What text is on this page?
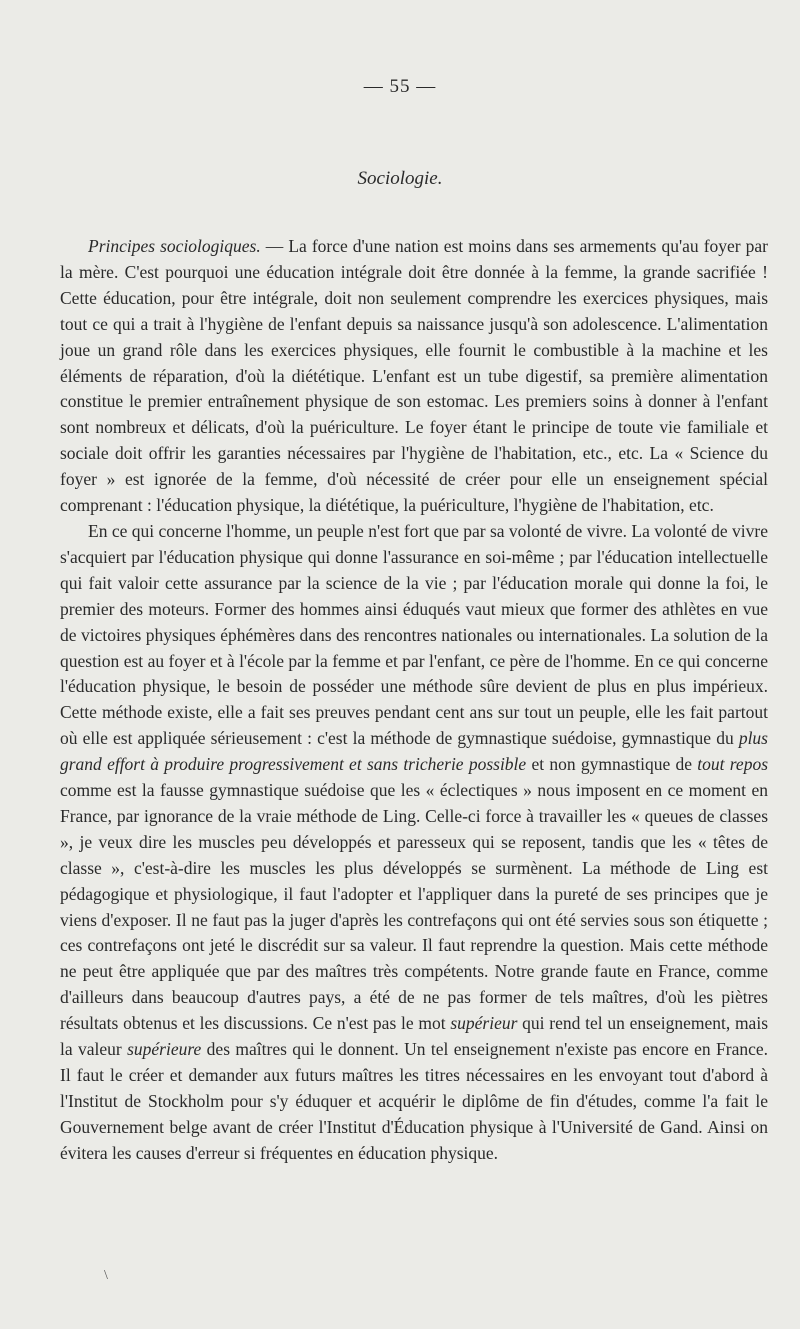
— 55 —
Sociologie.

Principes sociologiques. — La force d'une nation est moins dans ses armements qu'au foyer par la mère. C'est pourquoi une éducation intégrale doit être donnée à la femme, la grande sacrifiée ! Cette éducation, pour être intégrale, doit non seulement comprendre les exercices physiques, mais tout ce qui a trait à l'hygiène de l'enfant depuis sa naissance jusqu'à son adolescence. L'alimentation joue un grand rôle dans les exercices physiques, elle fournit le combustible à la machine et les éléments de réparation, d'où la diététique. L'enfant est un tube digestif, sa première alimentation constitue le premier entraînement physique de son estomac. Les premiers soins à donner à l'enfant sont nombreux et délicats, d'où la puériculture. Le foyer étant le principe de toute vie familiale et sociale doit offrir les garanties nécessaires par l'hygiène de l'habitation, etc., etc. La « Science du foyer » est ignorée de la femme, d'où nécessité de créer pour elle un enseignement spécial comprenant : l'éducation physique, la diététique, la puériculture, l'hygiène de l'habitation, etc.

En ce qui concerne l'homme, un peuple n'est fort que par sa volonté de vivre. La volonté de vivre s'acquiert par l'éducation physique qui donne l'assurance en soi-même ; par l'éducation intellectuelle qui fait valoir cette assurance par la science de la vie ; par l'éducation morale qui donne la foi, le premier des moteurs. Former des hommes ainsi éduqués vaut mieux que former des athlètes en vue de victoires physiques éphémères dans des rencontres nationales ou internationales. La solution de la question est au foyer et à l'école par la femme et par l'enfant, ce père de l'homme. En ce qui concerne l'éducation physique, le besoin de posséder une méthode sûre devient de plus en plus impérieux. Cette méthode existe, elle a fait ses preuves pendant cent ans sur tout un peuple, elle les fait partout où elle est appliquée sérieusement : c'est la méthode de gymnastique suédoise, gymnastique du plus grand effort à produire progressivement et sans tricherie possible et non gymnastique de tout repos comme est la fausse gymnastique suédoise que les « éclectiques » nous imposent en ce moment en France, par ignorance de la vraie méthode de Ling. Celle-ci force à travailler les « queues de classes », je veux dire les muscles peu développés et paresseux qui se reposent, tandis que les « têtes de classe », c'est-à-dire les muscles les plus développés se surmènent. La méthode de Ling est pédagogique et physiologique, il faut l'adopter et l'appliquer dans la pureté de ses principes que je viens d'exposer. Il ne faut pas la juger d'après les contrefaçons qui ont été servies sous son étiquette ; ces contrefaçons ont jeté le discrédit sur sa valeur. Il faut reprendre la question. Mais cette méthode ne peut être appliquée que par des maîtres très compétents. Notre grande faute en France, comme d'ailleurs dans beaucoup d'autres pays, a été de ne pas former de tels maîtres, d'où les piètres résultats obtenus et les discussions. Ce n'est pas le mot supérieur qui rend tel un enseignement, mais la valeur supérieure des maîtres qui le donnent. Un tel enseignement n'existe pas encore en France. Il faut le créer et demander aux futurs maîtres les titres nécessaires en les envoyant tout d'abord à l'Institut de Stockholm pour s'y éduquer et acquérir le diplôme de fin d'études, comme l'a fait le Gouvernement belge avant de créer l'Institut d'Éducation physique à l'Université de Gand. Ainsi on évitera les causes d'erreur si fréquentes en éducation physique.

\
